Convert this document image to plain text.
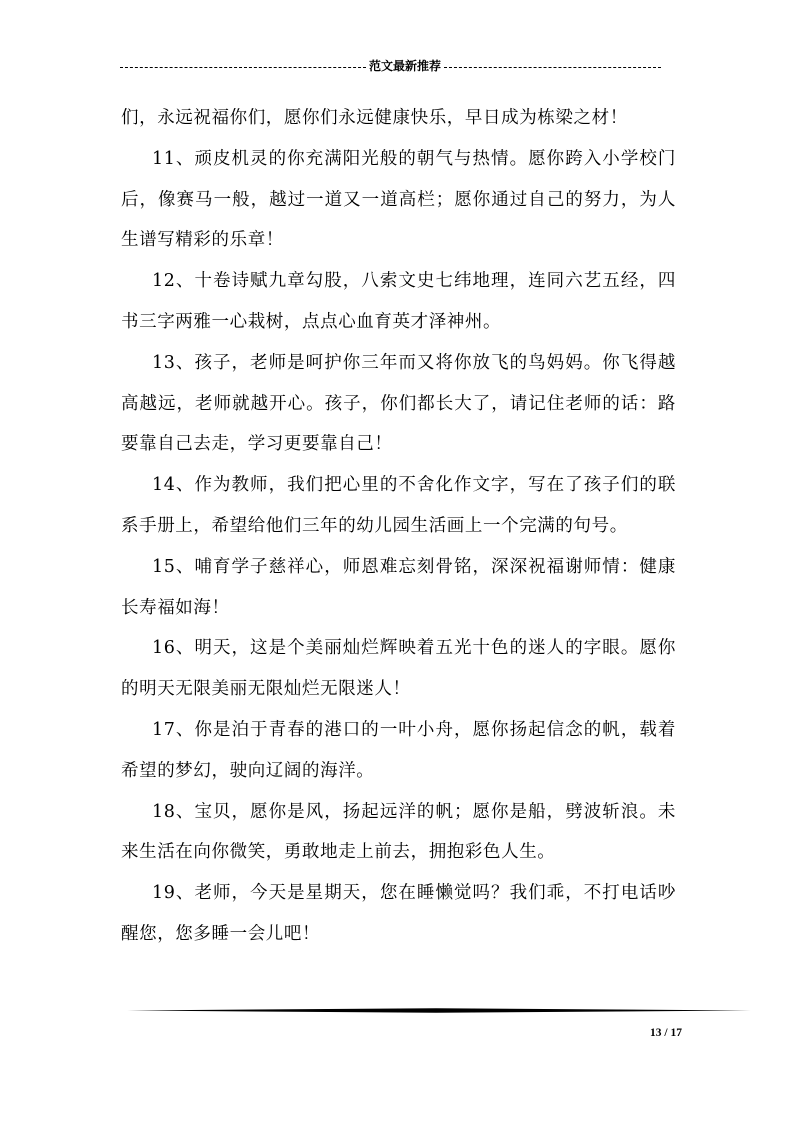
范文最新推荐

们，永远祝福你们，愿你们永远健康快乐，早日成为栋梁之材！

11、顽皮机灵的你充满阳光般的朝气与热情。愿你跨入小学校门后，像赛马一般，越过一道又一道高栏；愿你通过自己的努力，为人生谱写精彩的乐章！

12、十卷诗赋九章勾股，八索文史七纬地理，连同六艺五经，四书三字两雅一心栽树，点点心血育英才泽神州。

13、孩子，老师是呵护你三年而又将你放飞的鸟妈妈。你飞得越高越远，老师就越开心。孩子，你们都长大了，请记住老师的话：路要靠自己去走，学习更要靠自己！

14、作为教师，我们把心里的不舍化作文字，写在了孩子们的联系手册上，希望给他们三年的幼儿园生活画上一个完满的句号。

15、哺育学子慈祥心，师恩难忘刻骨铭，深深祝福谢师情：健康长寿福如海！

16、明天，这是个美丽灿烂辉映着五光十色的迷人的字眼。愿你的明天无限美丽无限灿烂无限迷人！

17、你是泊于青春的港口的一叶小舟，愿你扬起信念的帆，载着希望的梦幻，驶向辽阔的海洋。

18、宝贝，愿你是风，扬起远洋的帆；愿你是船，劈波斩浪。未来生活在向你微笑，勇敢地走上前去，拥抱彩色人生。

19、老师，今天是星期天，您在睡懒觉吗？我们乖，不打电话吵醒您，您多睡一会儿吧！

13 / 17
